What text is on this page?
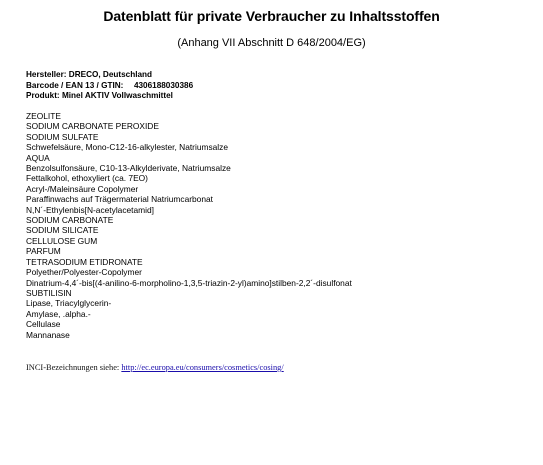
Datenblatt für private Verbraucher zu Inhaltsstoffen
(Anhang VII Abschnitt D 648/2004/EG)
Hersteller: DRECO, Deutschland
Barcode / EAN 13 / GTIN: 4306188030386
Produkt: Minel AKTIV Vollwaschmittel
ZEOLITE
SODIUM CARBONATE PEROXIDE
SODIUM SULFATE
Schwefelsäure, Mono-C12-16-alkylester, Natriumsalze
AQUA
Benzolsulfonsäure, C10-13-Alkylderivate, Natriumsalze
Fettalkohol, ethoxyliert (ca. 7EO)
Acryl-/Maleinsäure Copolymer
Paraffinwachs auf Trägermaterial Natriumcarbonat
N,N´-Ethylenbis[N-acetylacetamid]
SODIUM CARBONATE
SODIUM SILICATE
CELLULOSE GUM
PARFUM
TETRASODIUM ETIDRONATE
Polyether/Polyester-Copolymer
Dinatrium-4,4´-bis[(4-anilino-6-morpholino-1,3,5-triazin-2-yl)amino]stilben-2,2´-disulfonat
SUBTILISIN
Lipase, Triacylglycerin-
Amylase, .alpha.-
Cellulase
Mannanase
INCI-Bezeichnungen siehe: http://ec.europa.eu/consumers/cosmetics/cosing/
